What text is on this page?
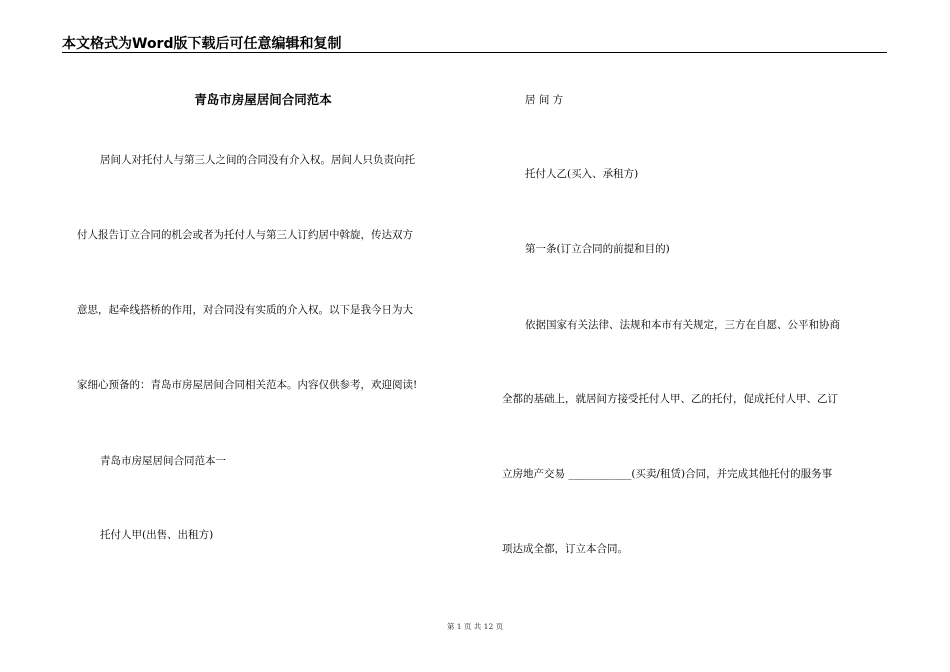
本文格式为Word版下载后可任意编辑和复制
青岛市房屋居间合同范本
居间人对托付人与第三人之间的合同没有介入权。居间人只负责向托
付人报告订立合同的机会或者为托付人与第三人订约居中斡旋，传达双方
意思，起牵线搭桥的作用，对合同没有实质的介入权。以下是我今日为大
家细心预备的：青岛市房屋居间合同相关范本。内容仅供参考，欢迎阅读!
青岛市房屋居间合同范本一
托付人甲(出售、出租方)
居 间 方
托付人乙(买入、承租方)
第一条(订立合同的前提和目的)
依据国家有关法律、法规和本市有关规定，三方在自愿、公平和协商
全都的基础上，就居间方接受托付人甲、乙的托付，促成托付人甲、乙订
立房地产交易 ____________(买卖/租赁)合同，并完成其他托付的服务事
项达成全都，订立本合同。
第 1 页 共 12 页
